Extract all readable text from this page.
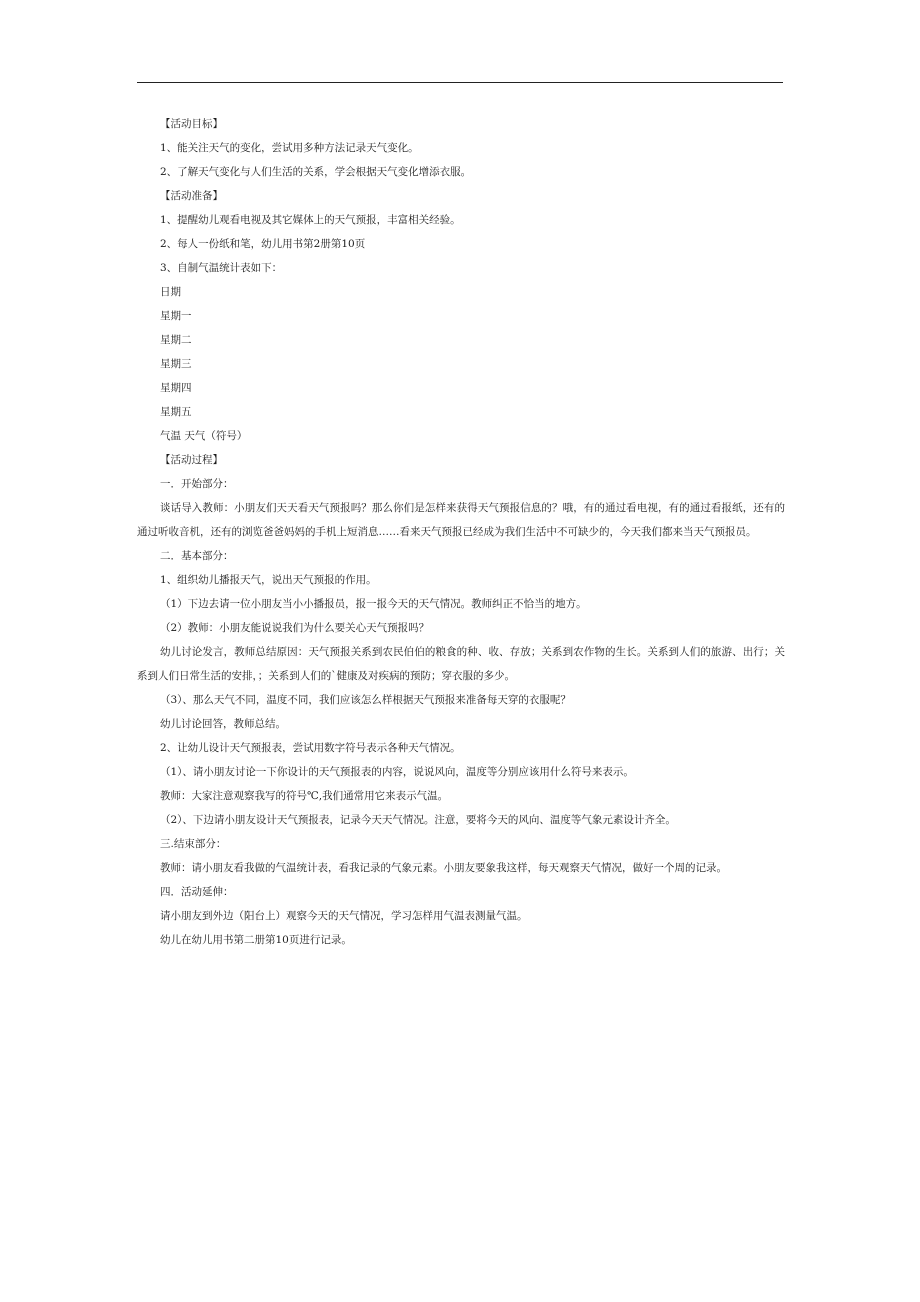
【活动目标】

1、能关注天气的变化，尝试用多种方法记录天气变化。

2、了解天气变化与人们生活的关系，学会根据天气变化增添衣服。

【活动准备】

1、提醒幼儿观看电视及其它媒体上的天气预报，丰富相关经验。

2、每人一份纸和笔，幼儿用书第2册第10页

3、自制气温统计表如下：

日期

星期一

星期二

星期三

星期四

星期五

气温 天气（符号）

【活动过程】

一．开始部分：

谈话导入教师：小朋友们天天看天气预报吗？那么你们是怎样来获得天气预报信息的？哦，有的通过看电视，有的通过看报纸，还有的通过听收音机，还有的浏览爸爸妈妈的手机上短消息……看来天气预报已经成为我们生活中不可缺少的，今天我们都来当天气预报员。

二．基本部分：

1、组织幼儿播报天气，说出天气预报的作用。

（1）下边去请一位小朋友当小小播报员，报一报今天的天气情况。教师纠正不恰当的地方。

（2）教师：小朋友能说说我们为什么要关心天气预报吗？

幼儿讨论发言，教师总结原因：天气预报关系到农民伯伯的粮食的种、收、存放；关系到农作物的生长。关系到人们的旅游、出行；关系到人们日常生活的安排，；关系到人们的`健康及对疾病的预防；穿衣服的多少。

（3）、那么天气不同，温度不同，我们应该怎么样根据天气预报来准备每天穿的衣服呢？

幼儿讨论回答，教师总结。

2、让幼儿设计天气预报表，尝试用数字符号表示各种天气情况。

（1）、请小朋友讨论一下你设计的天气预报表的内容，说说风向，温度等分别应该用什么符号来表示。

教师：大家注意观察我写的符号℃,我们通常用它来表示气温。

（2）、下边请小朋友设计天气预报表，记录今天天气情况。注意，要将今天的风向、温度等气象元素设计齐全。

三.结束部分：

教师：请小朋友看我做的气温统计表，看我记录的气象元素。小朋友要象我这样，每天观察天气情况，做好一个周的记录。

四．活动延伸：

请小朋友到外边（阳台上）观察今天的天气情况，学习怎样用气温表测量气温。

幼儿在幼儿用书第二册第10页进行记录。
